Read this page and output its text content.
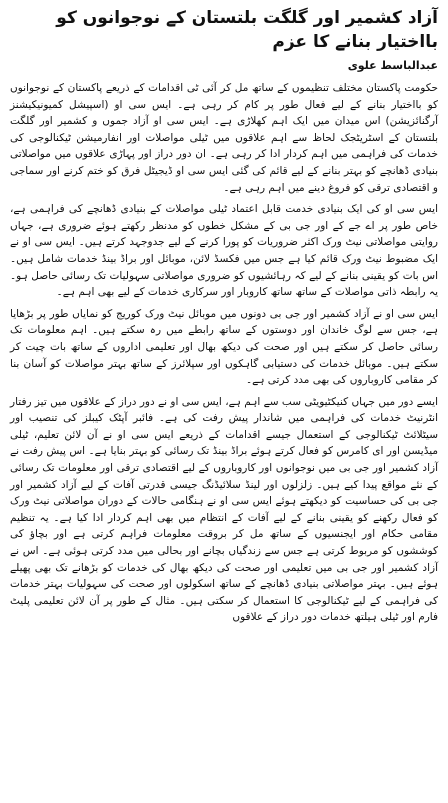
آزاد کشمیر اور گلگت بلتستان کے نوجوانوں کو بااختیار بنانے کا عزم
عبدالباسط علوی

حکومت پاکستان مختلف تنظیموں کے ساتھ مل کر آئی ٹی اقدامات کے ذریعے پاکستان کے نوجوانوں کو بااختیار بنانے کے لیے فعال طور پر کام کر رہی ہے۔ ایس سی او (اسپیشل کمیونیکیشنز آرگنائزیشن) اس میدان میں ایک اہم کھلاڑی ہے۔ ایس سی او آزاد جموں و کشمیر اور گلگت بلتستان کے اسٹریٹجک لحاظ سے اہم علاقوں میں ٹیلی مواصلات اور انفارمیشن ٹیکنالوجی کی خدمات کی فراہمی میں اہم کردار ادا کر رہی ہے۔ ان دور دراز اور پہاڑی علاقوں میں مواصلاتی بنیادی ڈھانچے کو بہتر بنانے کے لیے قائم کی گئی ایس سی او ڈیجیٹل فرق کو ختم کرنے اور سماجی و اقتصادی ترقی کو فروغ دینے میں اہم رہی ہے۔

ایس سی او کی ایک بنیادی خدمت قابل اعتماد ٹیلی مواصلات کے بنیادی ڈھانچے کی فراہمی ہے، خاص طور پر اے جے کے اور جی بی کے مشکل خطوں کو مدنظر رکھتے ہوئے ضروری ہے، جہاں روایتی مواصلاتی نیٹ ورک اکثر ضروریات کو پورا کرنے کے لیے جدوجہد کرتے ہیں۔ ایس سی او نے ایک مضبوط نیٹ ورک قائم کیا ہے جس میں فکسڈ لائن، موبائل اور براڈ بینڈ خدمات شامل ہیں۔ اس بات کو یقینی بنانے کے لیے کہ رہائشیوں کو ضروری مواصلاتی سہولیات تک رسائی حاصل ہو۔ یہ رابطہ ذاتی مواصلات کے ساتھ ساتھ کاروبار اور سرکاری خدمات کے لیے بھی اہم ہے۔

ایس سی او نے آزاد کشمیر اور جی بی دونوں میں موبائل نیٹ ورک کوریج کو نمایاں طور پر بڑھایا ہے، جس سے لوگ خاندان اور دوستوں کے ساتھ رابطے میں رہ سکتے ہیں۔ اہم معلومات تک رسائی حاصل کر سکتے ہیں اور صحت کی دیکھ بھال اور تعلیمی اداروں کے ساتھ بات چیت کر سکتے ہیں۔ موبائل خدمات کی دستیابی گاہکوں اور سپلائرز کے ساتھ بہتر مواصلات کو آسان بنا کر مقامی کاروباروں کی بھی مدد کرتی ہے۔

ایسے دور میں جہاں کنیکٹیویٹی سب سے اہم ہے، ایس سی او نے دور دراز کے علاقوں میں تیز رفتار انٹرنیٹ خدمات کی فراہمی میں شاندار پیش رفت کی ہے۔ فائبر آپٹک کیبلز کی تنصیب اور سیٹلائٹ ٹیکنالوجی کے استعمال جیسے اقدامات کے ذریعے ایس سی او نے آن لائن تعلیم، ٹیلی میڈیسن اور ای کامرس کو فعال کرتے ہوئے براڈ بینڈ تک رسائی کو بہتر بنایا ہے۔ اس پیش رفت نے آزاد کشمیر اور جی بی میں نوجوانوں اور کاروباروں کے لیے اقتصادی ترقی اور معلومات تک رسائی کے نئے مواقع پیدا کیے ہیں۔ زلزلوں اور لینڈ سلائیڈنگ جیسی قدرتی آفات کے لیے آزاد کشمیر اور جی بی کی حساسیت کو دیکھتے ہوئے ایس سی او نے ہنگامی حالات کے دوران مواصلاتی نیٹ ورک کو فعال رکھنے کو یقینی بنانے کے لیے آفات کے انتظام میں بھی اہم کردار ادا کیا ہے۔ یہ تنظیم مقامی حکام اور ایجنسیوں کے ساتھ مل کر بروقت معلومات فراہم کرتی ہے اور بچاؤ کی کوششوں کو مربوط کرتی ہے جس سے زندگیاں بچانے اور بحالی میں مدد کرتی ہوئی ہے۔ اس نے آزاد کشمیر اور جی بی میں تعلیمی اور صحت کی دیکھ بھال کی خدمات کو بڑھانے تک بھی پھیلے ہوئے ہیں۔ بہتر مواصلاتی بنیادی ڈھانچے کے ساتھ اسکولوں اور صحت کی سہولیات بہتر خدمات کی فراہمی کے لیے ٹیکنالوجی کا استعمال کر سکتی ہیں۔ مثال کے طور پر آن لائن تعلیمی پلیٹ فارم اور ٹیلی ہیلتھ خدمات دور دراز کے علاقوں
